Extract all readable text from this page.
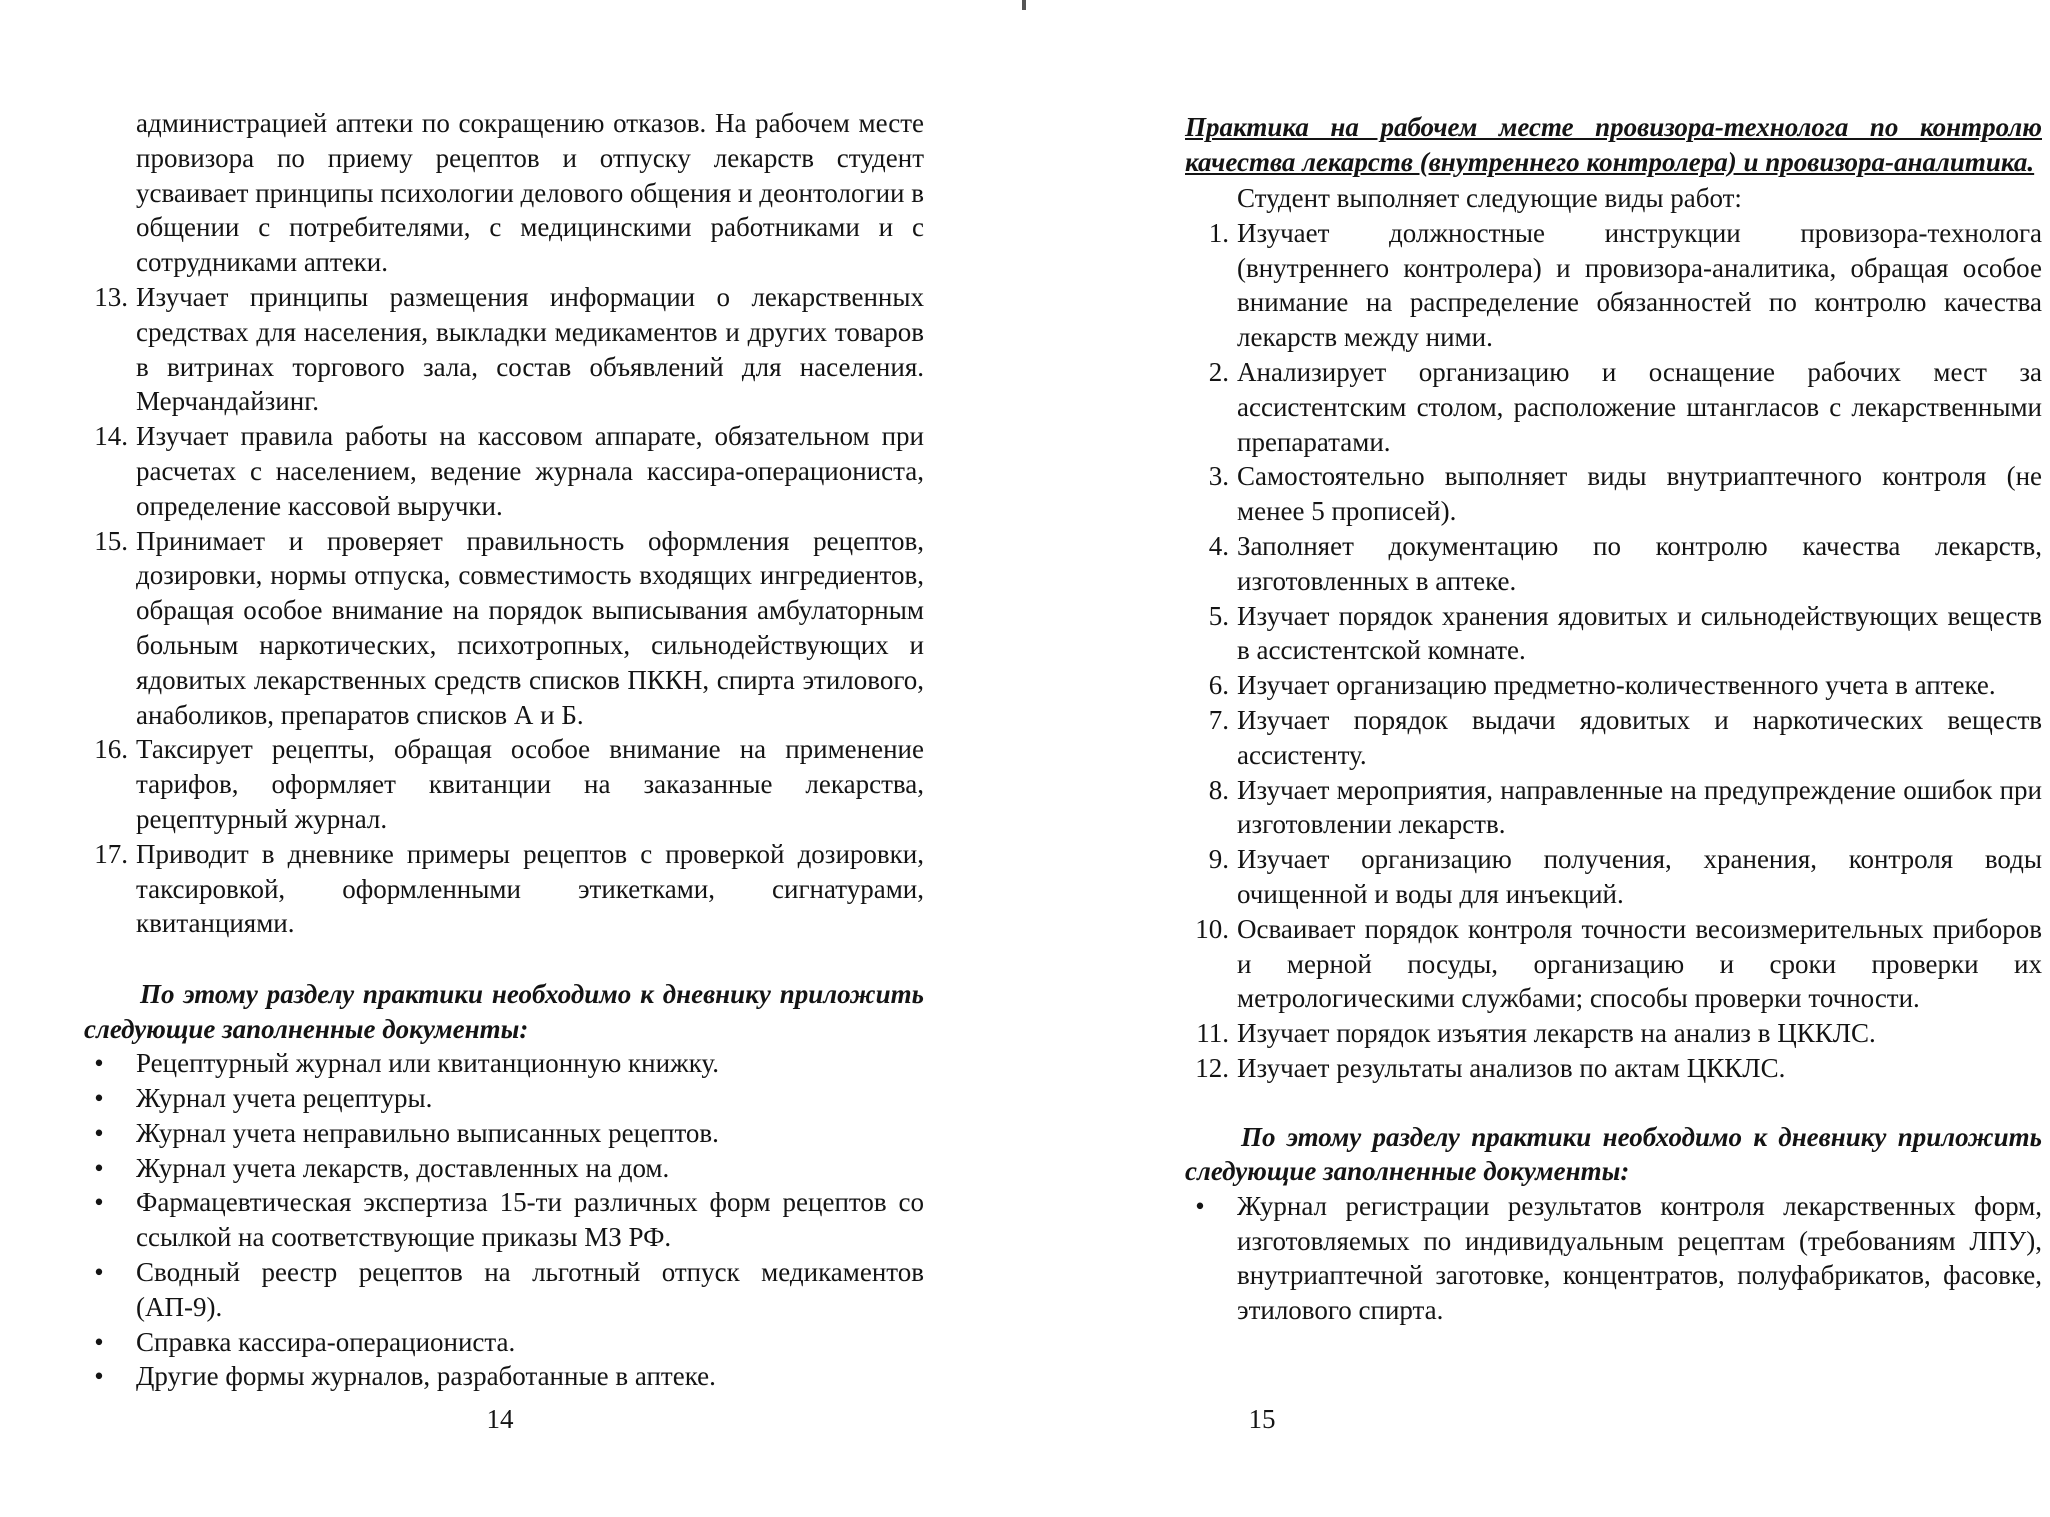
администрацией аптеки по сокращению отказов. На рабочем месте провизора по приему рецептов и отпуску лекарств студент усваивает принципы психологии делового общения и деонтологии в общении с потребителями, с медицинскими работниками и с сотрудниками аптеки.

13. Изучает принципы размещения информации о лекарственных средствах для населения, выкладки медикаментов и других товаров в витринах торгового зала, состав объявлений для населения. Мерчандайзинг.
14. Изучает правила работы на кассовом аппарате, обязательном при расчетах с населением, ведение журнала кассира-операциониста, определение кассовой выручки.
15. Принимает и проверяет правильность оформления рецептов, дозировки, нормы отпуска, совместимость входящих ингредиентов, обращая особое внимание на порядок выписывания амбулаторным больным наркотических, психотропных, сильнодействующих и ядовитых лекарственных средств списков ПККН, спирта этилового, анаболиков, препаратов списков А и Б.
16. Таксирует рецепты, обращая особое внимание на применение тарифов, оформляет квитанции на заказанные лекарства, рецептурный журнал.
17. Приводит в дневнике примеры рецептов с проверкой дозировки, таксировкой, оформленными этикетками, сигнатурами, квитанциями.

По этому разделу практики необходимо к дневнику приложить следующие заполненные документы:

•	Рецептурный журнал или квитанционную книжку.
•	Журнал учета рецептуры.
•	Журнал учета неправильно выписанных рецептов.
•	Журнал учета лекарств, доставленных на дом.
•	Фармацевтическая экспертиза 15-ти различных форм рецептов со ссылкой на соответствующие приказы МЗ РФ.
•	Сводный реестр рецептов на льготный отпуск медикаментов (АП-9).
•	Справка кассира-операциониста.
•	Другие формы журналов, разработанные в аптеке.
14

Практика на рабочем месте провизора-технолога по контролю качества лекарств (внутреннего контролера) и провизора-аналитика.

Студент выполняет следующие виды работ:

1. Изучает должностные инструкции провизора-технолога (внутреннего контролера) и провизора-аналитика, обращая особое внимание на распределение обязанностей по контролю качества лекарств между ними.
2. Анализирует организацию и оснащение рабочих мест за ассистентским столом, расположение штангласов с лекарственными препаратами.
3. Самостоятельно выполняет виды внутриаптечного контроля (не менее 5 прописей).
4. Заполняет документацию по контролю качества лекарств, изготовленных в аптеке.
5. Изучает порядок хранения ядовитых и сильнодействующих веществ в ассистентской комнате.
6. Изучает организацию предметно-количественного учета в аптеке.
7. Изучает порядок выдачи ядовитых и наркотических веществ ассистенту.
8. Изучает мероприятия, направленные на предупреждение ошибок при изготовлении лекарств.
9. Изучает организацию получения, хранения, контроля воды очищенной и воды для инъекций.
10. Осваивает порядок контроля точности весоизмерительных приборов и мерной посуды, организацию и сроки проверки их метрологическими службами; способы проверки точности.
11. Изучает порядок изъятия лекарств на анализ в ЦККЛС.
12. Изучает результаты анализов по актам ЦККЛС.

По этому разделу практики необходимо к дневнику приложить следующие заполненные документы:

•	Журнал регистрации результатов контроля лекарственных форм, изготовляемых по индивидуальным рецептам (требованиям ЛПУ), внутриаптечной заготовке, концентратов, полуфабрикатов, фасовке, этилового спирта.
15
